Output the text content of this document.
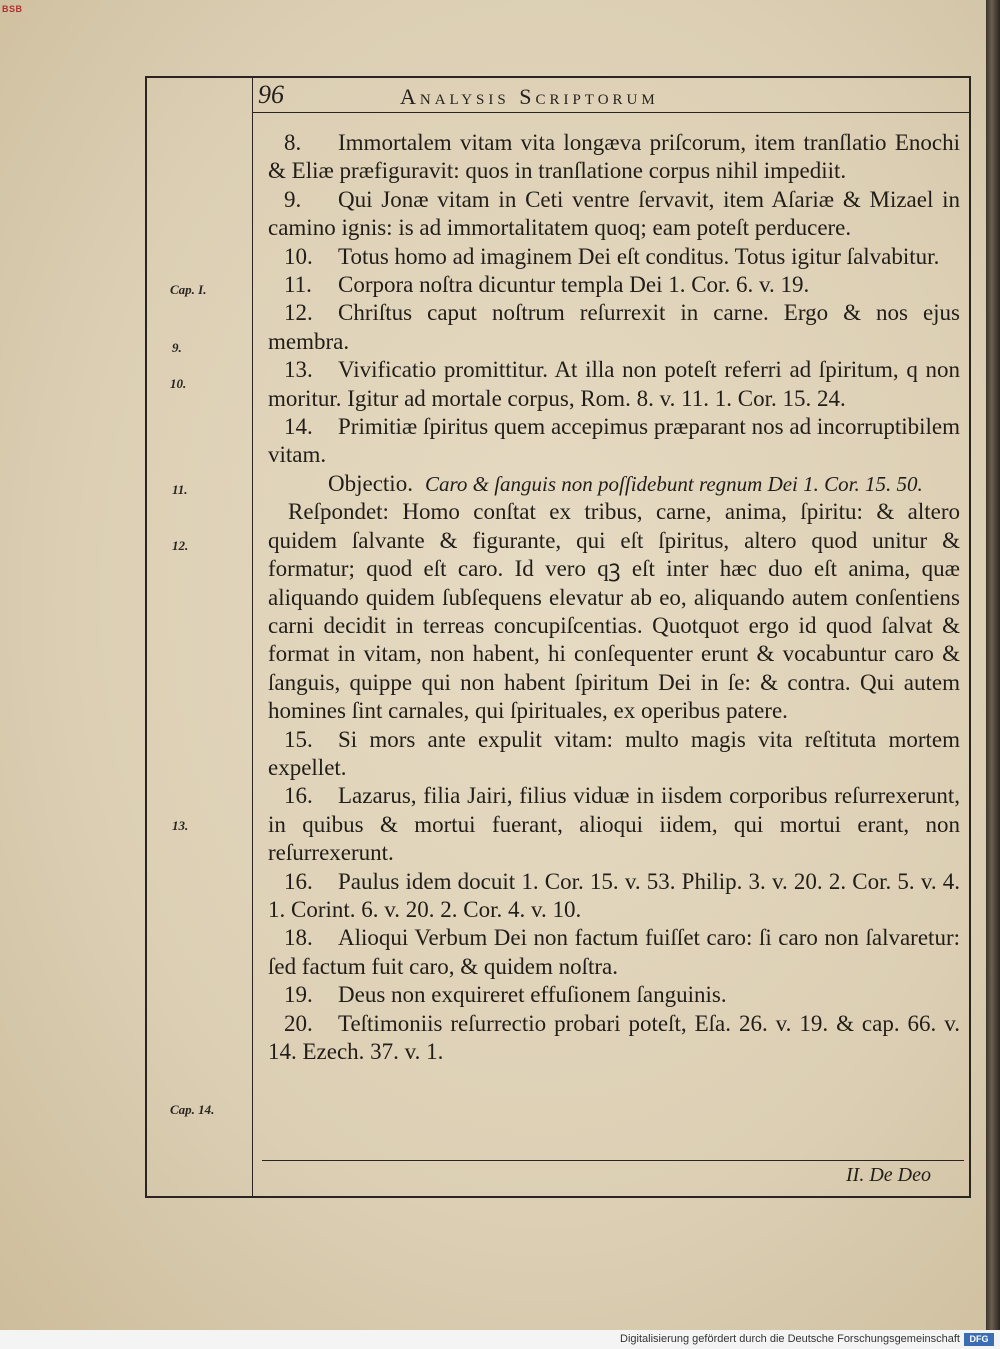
BSB
96	Analysis Scriptorum
Cap. I.
9.
10.
11.
12.
13.
Cap. 14.

8. Immortalem vitam vita longæva priſcorum, item tranſlatio Enochi & Eliæ præfiguravit: quos in tranſlatione corpus nihil impediit.

9. Qui Jonæ vitam in Ceti ventre ſervavit, item Aſariæ & Mizael in camino ignis: is ad immortalitatem quoq; eam poteſt perducere.

10. Totus homo ad imaginem Dei eſt conditus. Totus igitur ſalvabitur.

11. Corpora noſtra dicuntur templa Dei 1. Cor. 6. v. 19.

12. Chriſtus caput noſtrum reſurrexit in carne. Ergo & nos ejus membra.

13. Vivificatio promittitur. At illa non poteſt referri ad ſpiritum, q non moritur. Igitur ad mortale corpus, Rom. 8. v. 11. 1. Cor. 15. 24.

14. Primitiæ ſpiritus quem accepimus præparant nos ad incorruptibilem vitam.

Objectio. Caro & ſanguis non poſſidebunt regnum Dei 1. Cor. 15. 50.

Reſpondet: Homo conſtat ex tribus, carne, anima, ſpiritu: & altero quidem ſalvante & figurante, qui eſt ſpiritus, altero quod unitur & formatur; quod eſt caro. Id vero qꝫ eſt inter hæc duo eſt anima, quæ aliquando quidem ſubſequens elevatur ab eo, aliquando autem conſentiens carni decidit in terreas concupiſcentias. Quotquot ergo id quod ſalvat & format in vitam, non habent, hi conſequenter erunt & vocabuntur caro & ſanguis, quippe qui non habent ſpiritum Dei in ſe: & contra. Qui autem homines ſint carnales, qui ſpirituales, ex operibus patere.

15. Si mors ante expulit vitam: multo magis vita reſtituta mortem expellet.

16. Lazarus, filia Jairi, filius viduæ in iisdem corporibus reſurrexerunt, in quibus & mortui fuerant, alioqui iidem, qui mortui erant, non reſurrexerunt.

16. Paulus idem docuit 1. Cor. 15. v. 53. Philip. 3. v. 20. 2. Cor. 5. v. 4. 1. Corint. 6. v. 20. 2. Cor. 4. v. 10.

18. Alioqui Verbum Dei non factum fuiſſet caro: ſi caro non ſalvaretur: ſed factum fuit caro, & quidem noſtra.

19. Deus non exquireret effuſionem ſanguinis.

20. Teſtimoniis reſurrectio probari poteſt, Eſa. 26. v. 19. & cap. 66. v. 14. Ezech. 37. v. 1.

II. De Deo
Digitalisierung gefördert durch die Deutsche Forschungsgemeinschaft	DFG
